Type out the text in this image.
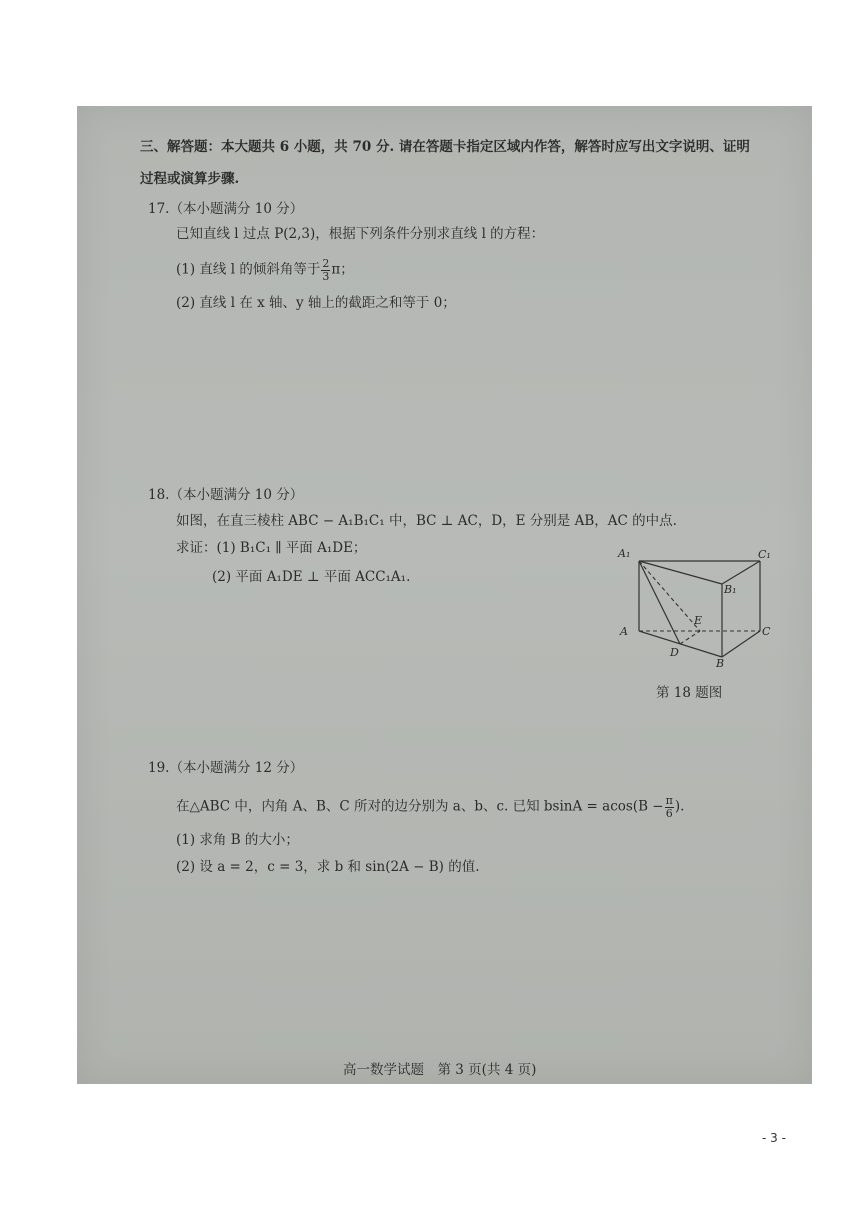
三、解答题：本大题共 6 小题，共 70 分. 请在答题卡指定区域内作答，解答时应写出文字说明、证明
过程或演算步骤.
17.（本小题满分 10 分）
已知直线 l 过点 P(2,3)，根据下列条件分别求直线 l 的方程：
(1) 直线 l 的倾斜角等于 $\frac{2}{3}$ π；
(2) 直线 l 在 x 轴、y 轴上的截距之和等于 0；
18.（本小题满分 10 分）
如图，在直三棱柱 ABC − A₁B₁C₁ 中，BC ⊥ AC，D，E 分别是 AB，AC 的中点.
求证：(1) B₁C₁ ∥ 平面 A₁DE；
(2) 平面 A₁DE ⊥ 平面 ACC₁A₁.
A₁	C₁
B₁
A	C
B
D
E
第 18 题图
19.（本小题满分 12 分）
在△ABC 中，内角 A、B、C 所对的边分别为 a、b、c. 已知 $bsinA = acos(B - \frac{\pi}{6}$ ).
(1) 求角 B 的大小；
(2) 设 a = 2，c = 3，求 b 和 sin(2A − B) 的值.
高一数学试题　第 3 页(共 4 页)
- 3 -
